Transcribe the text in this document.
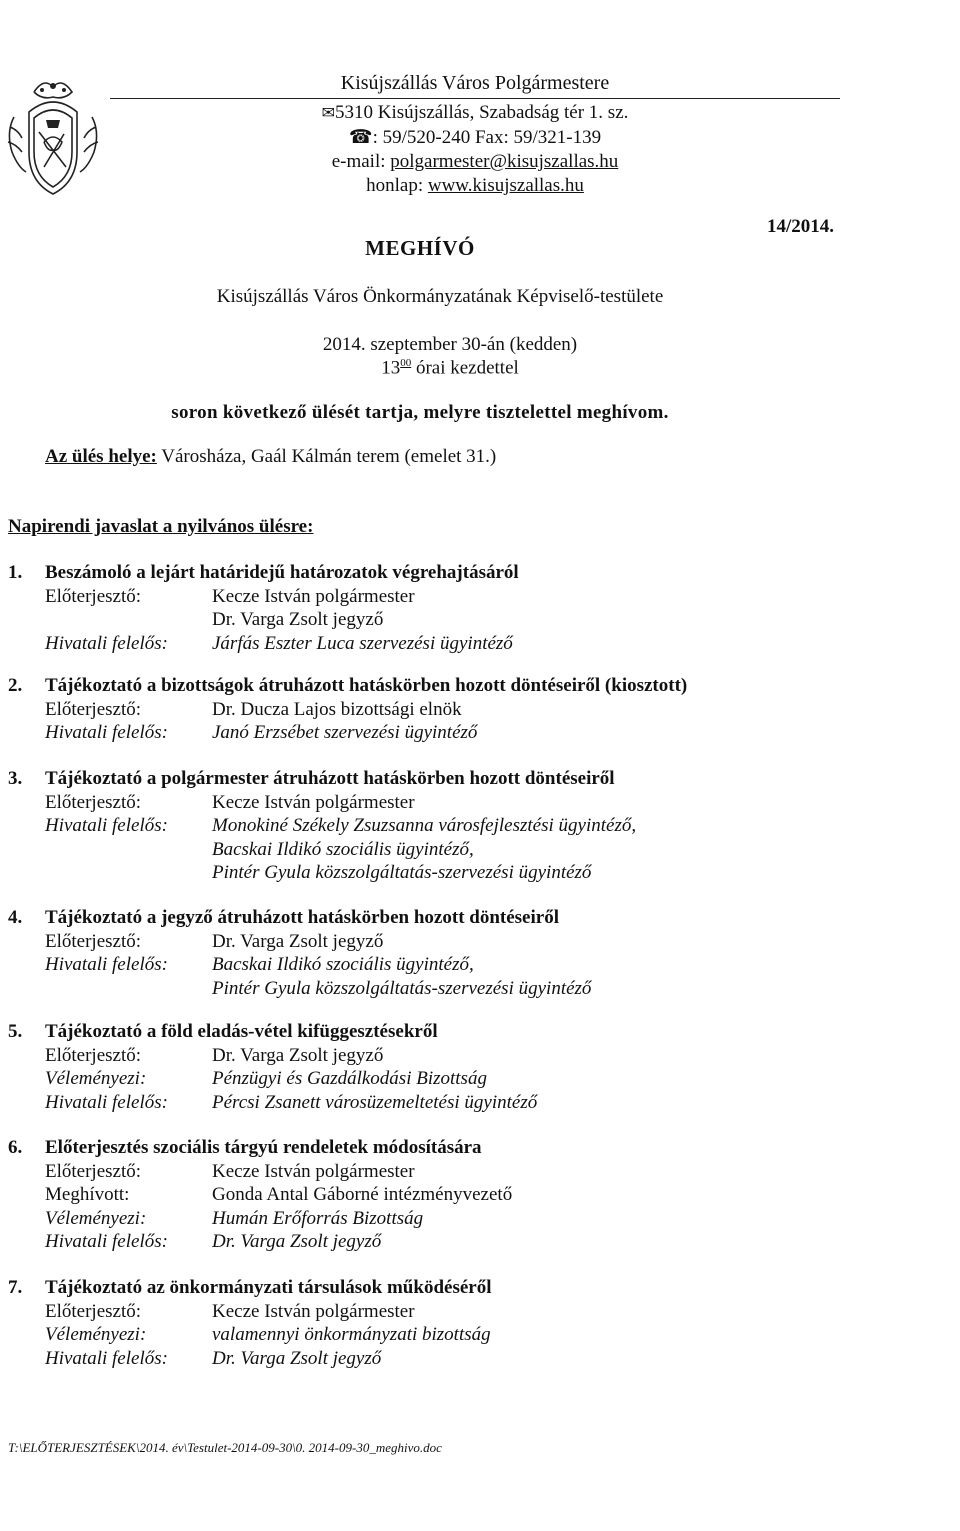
Kisújszállás Város Polgármestere
✉5310 Kisújszállás, Szabadság tér 1. sz.
☎: 59/520-240 Fax: 59/321-139
e-mail: polgarmester@kisujszallas.hu
honlap: www.kisujszallas.hu
14/2014.
MEGHÍVÓ
Kisújszállás Város Önkormányzatának Képviselő-testülete
2014. szeptember 30-án (kedden)
$13^{00}$ órai kezdettel
soron következő ülését tartja, melyre tisztelettel meghívom.
Az ülés helye: Városháza, Gaál Kálmán terem (emelet 31.)
Napirendi javaslat a nyilvános ülésre:
1. Beszámoló a lejárt határidejű határozatok végrehajtásáról
Előterjesztő:	Kecze István polgármester
Dr. Varga Zsolt jegyző
Hivatali felelős:	Járfás Eszter Luca szervezési ügyintéző
2. Tájékoztató a bizottságok átruházott hatáskörben hozott döntéseiről (kiosztott)
Előterjesztő:	Dr. Ducza Lajos bizottsági elnök
Hivatali felelős:	Janó Erzsébet szervezési ügyintéző
3. Tájékoztató a polgármester átruházott hatáskörben hozott döntéseiről
Előterjesztő:	Kecze István polgármester
Hivatali felelős:	Monokiné Székely Zsuzsanna városfejlesztési ügyintéző,
Bacskai Ildikó szociális ügyintéző,
Pintér Gyula közszolgáltatás-szervezési ügyintéző
4. Tájékoztató a jegyző átruházott hatáskörben hozott döntéseiről
Előterjesztő:	Dr. Varga Zsolt jegyző
Hivatali felelős:	Bacskai Ildikó szociális ügyintéző,
Pintér Gyula közszolgáltatás-szervezési ügyintéző
5. Tájékoztató a föld eladás-vétel kifüggesztésekről
Előterjesztő:	Dr. Varga Zsolt jegyző
Véleményezi:	Pénzügyi és Gazdálkodási Bizottság
Hivatali felelős:	Pércsi Zsanett városüzemeltetési ügyintéző
6. Előterjesztés szociális tárgyú rendeletek módosítására
Előterjesztő:	Kecze István polgármester
Meghívott:	Gonda Antal Gáborné intézményvezető
Véleményezi:	Humán Erőforrás Bizottság
Hivatali felelős:	Dr. Varga Zsolt jegyző
7. Tájékoztató az önkormányzati társulások működéséről
Előterjesztő:	Kecze István polgármester
Véleményezi:	valamennyi önkormányzati bizottság
Hivatali felelős:	Dr. Varga Zsolt jegyző
T:\ELŐTERJESZTÉSEK\2014. év\Testulet-2014-09-30\0. 2014-09-30_meghivo.doc
